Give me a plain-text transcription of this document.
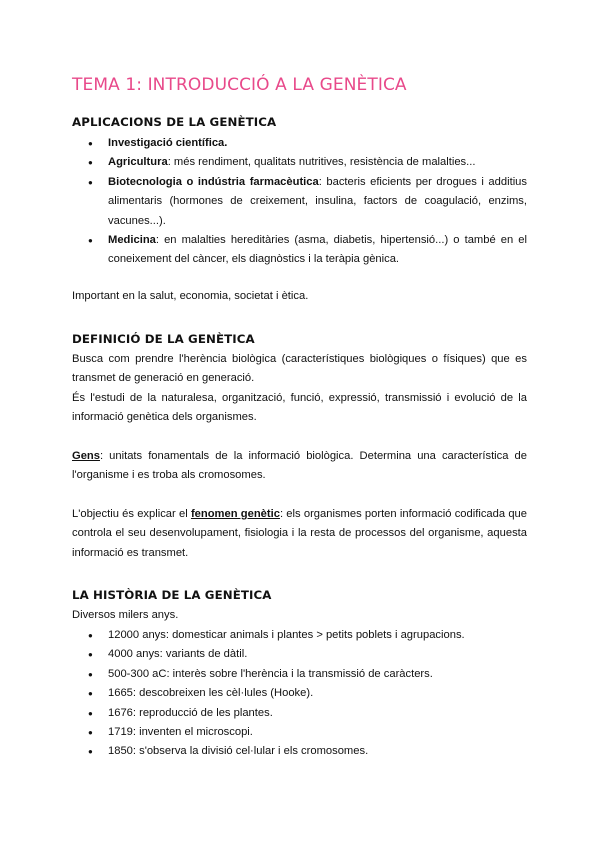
TEMA 1: INTRODUCCIÓ A LA GENÈTICA
APLICACIONS DE LA GENÈTICA
● Investigació científica.
● Agricultura: més rendiment, qualitats nutritives, resistència de malalties...
● Biotecnologia o indústria farmacèutica: bacteris eficients per drogues i additius alimentaris (hormones de creixement, insulina, factors de coagulació, enzims, vacunes...).
● Medicina: en malalties hereditàries (asma, diabetis, hipertensió...) o també en el coneixement del càncer, els diagnòstics i la teràpia gènica.
Important en la salut, economia, societat i ètica.
DEFINICIÓ DE LA GENÈTICA
Busca com prendre l'herència biològica (característiques biològiques o físiques) que es transmet de generació en generació.
És l'estudi de la naturalesa, organització, funció, expressió, transmissió i evolució de la informació genètica dels organismes.
Gens: unitats fonamentals de la informació biològica. Determina una característica de l'organisme i es troba als cromosomes.
L'objectiu és explicar el fenomen genètic: els organismes porten informació codificada que controla el seu desenvolupament, fisiologia i la resta de processos del organisme, aquesta informació es transmet.
LA HISTÒRIA DE LA GENÈTICA
Diversos milers anys.
● 12000 anys: domesticar animals i plantes > petits poblets i agrupacions.
● 4000 anys: variants de dàtil.
● 500-300 aC: interès sobre l'herència i la transmissió de caràcters.
● 1665: descobreixen les cèl·lules (Hooke).
● 1676: reproducció de les plantes.
● 1719: inventen el microscopi.
● 1850: s'observa la divisió cel·lular i els cromosomes.
